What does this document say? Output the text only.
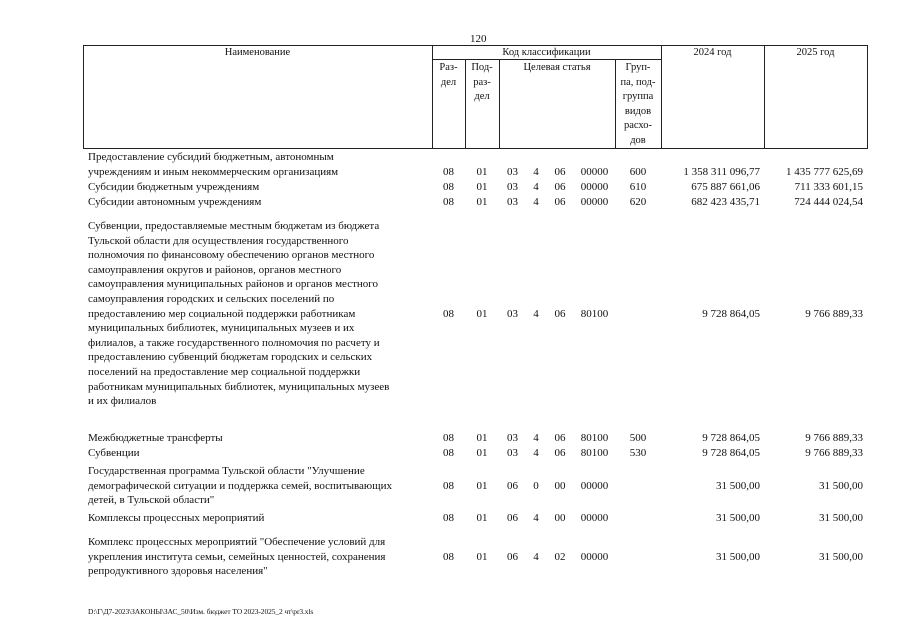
120
Наименование	Код классификации	2024 год	2025 год
Целевая статья
Раз-
дел
Под-
раз-
дел
Груп-
па, под-
группа
видов
расхо-
дов
Предоставление субсидий бюджетным, автономным
учреждениям и иным некоммерческим организациям	08	01	03	4	06	00000	600	1 358 311 096,77	1 435 777 625,69
Субсидии бюджетным учреждениям	08	01	03	4	06	00000	610	675 887 661,06	711 333 601,15
Субсидии автономным учреждениям	08	01	03	4	06	00000	620	682 423 435,71	724 444 024,54
Субвенции, предоставляемые местным бюджетам из бюджета
Тульской области для осуществления государственного
полномочия по финансовому обеспечению органов местного
самоуправления округов и районов, органов местного
самоуправления муниципальных районов и органов местного
самоуправления городских и сельских поселений по
предоставлению мер социальной поддержки работникам
муниципальных библиотек, муниципальных музеев и их
филиалов, а также государственного полномочия по расчету и
предоставлению субвенций бюджетам городских и сельских
поселений на предоставление мер социальной поддержки
работникам муниципальных библиотек, муниципальных музеев
и их филиалов
08	01	03	4	06	80100	9 728 864,05	9 766 889,33
Межбюджетные трансферты	08	01	03	4	06	80100	500	9 728 864,05	9 766 889,33
Субвенции	08	01	03	4	06	80100	530	9 728 864,05	9 766 889,33
Государственная программа Тульской области "Улучшение
демографической ситуации и поддержка семей, воспитывающих
детей, в Тульской области"
08	01	06	0	00	00000	31 500,00	31 500,00
Комплексы процессных мероприятий	08	01	06	4	00	00000	31 500,00	31 500,00
Комплекс процессных мероприятий "Обеспечение условий для
укрепления института семьи, семейных ценностей, сохранения
репродуктивного здоровья населения"
08	01	06	4	02	00000	31 500,00	31 500,00
D:\Г\Д7-2023\ЗАКОНЫ\ЗАС_50\Изм. бюджет ТО 2023-2025_2 чт\pr3.xls
